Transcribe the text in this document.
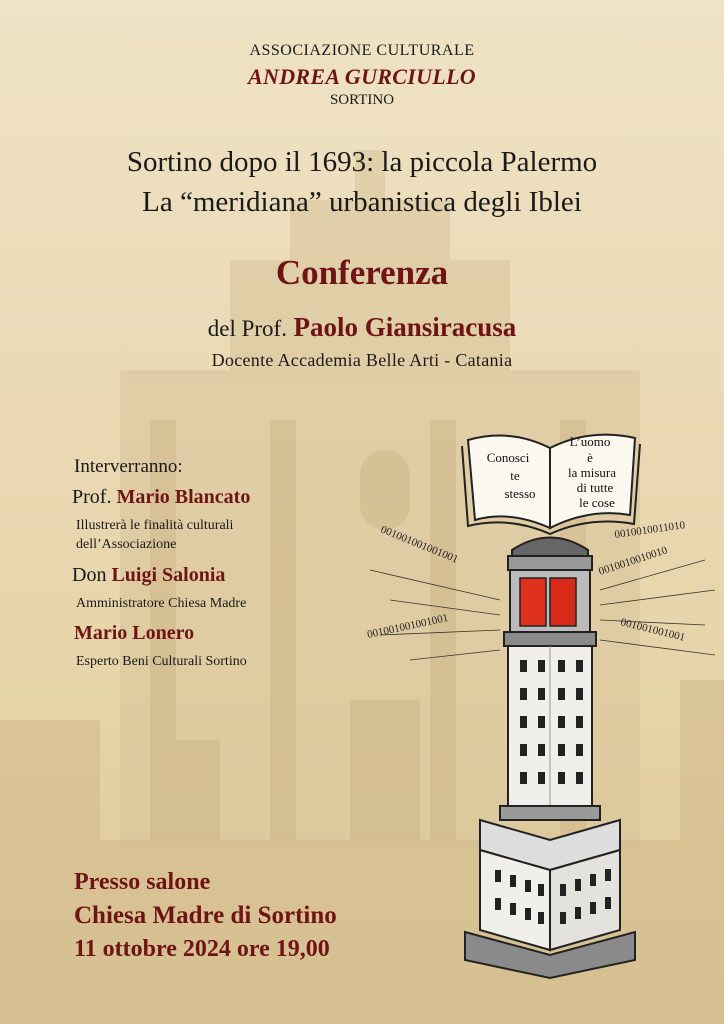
ASSOCIAZIONE CULTURALE
ANDREA GURCIULLO
SORTINO
Sortino dopo il 1693: la piccola Palermo
La “meridiana” urbanistica degli Iblei
Conferenza
del Prof. Paolo Giansiracusa
Docente Accademia Belle Arti - Catania
Interverranno:
Prof. Mario Blancato
Illustrerà le finalità culturali
dell’Associazione
Don Luigi Salonia
Amministratore Chiesa Madre
Mario Lonero
Esperto Beni Culturali Sortino
001001001001001	0010010010010
001001001001001
0010010011010
001001001001
Conosci
te
stesso
L’uomo
è
la misura
di tutte
le cose
Presso salone
Chiesa Madre di Sortino
11 ottobre 2024 ore 19,00
